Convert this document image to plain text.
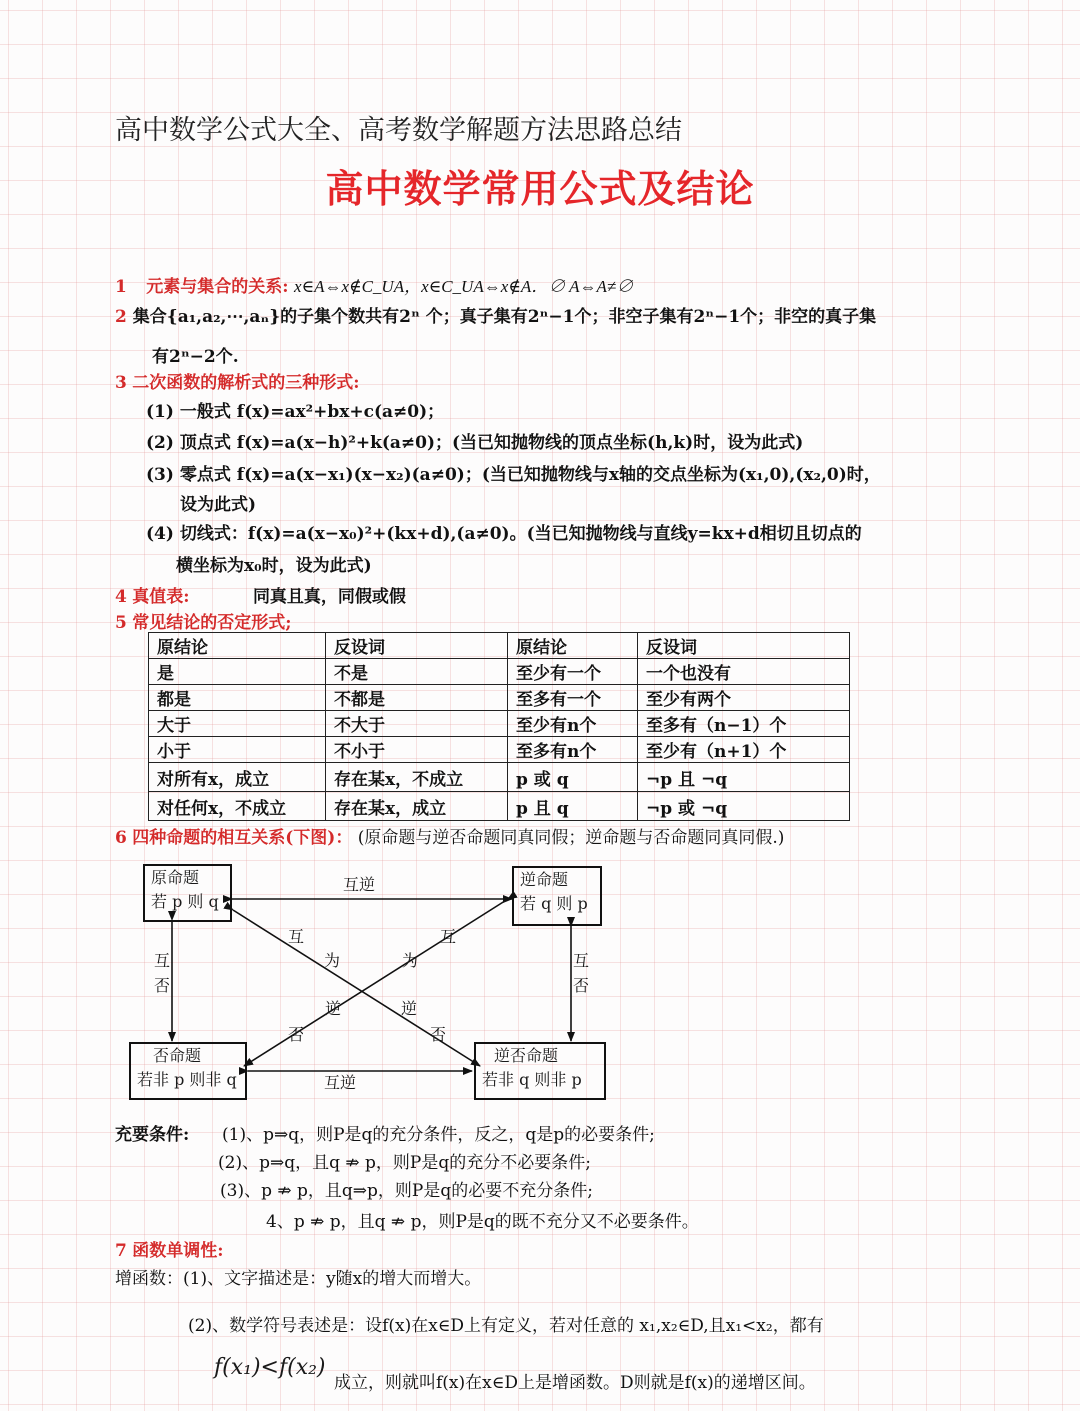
高中数学公式大全、高考数学解题方法思路总结
高中数学常用公式及结论
1 元素与集合的关系: x∈A⇔x∉C_UA，x∈C_UA⇔x∉A．∅ A⇔A≠∅
2 集合{a₁,a₂,⋯,aₙ}的子集个数共有2ⁿ 个；真子集有2ⁿ−1个；非空子集有2ⁿ−1个；非空的真子集
有2ⁿ−2个.
3 二次函数的解析式的三种形式:
(1) 一般式 f(x)=ax²+bx+c(a≠0)；
(2) 顶点式 f(x)=a(x−h)²+k(a≠0)；(当已知抛物线的顶点坐标(h,k)时，设为此式)
(3) 零点式 f(x)=a(x−x₁)(x−x₂)(a≠0)；(当已知抛物线与x轴的交点坐标为(x₁,0),(x₂,0)时，
设为此式)
(4) 切线式：f(x)=a(x−x₀)²+(kx+d),(a≠0)。(当已知抛物线与直线y=kx+d相切且切点的
横坐标为x₀时，设为此式)
4 真值表:	同真且真，同假或假
5 常见结论的否定形式;
原结论	反设词	原结论	反设词
是	不是	至少有一个	一个也没有
都是	不都是	至多有一个	至少有两个
大于	不大于	至少有n个	至多有（n−1）个
小于	不小于	至多有n个	至少有（n+1）个
对所有x，成立	存在某x，不成立	p 或 q	¬p 且 ¬q
对任何x，不成立	存在某x，成立	p 且 q	¬p 或 ¬q
6 四种命题的相互关系(下图)： (原命题与逆否命题同真同假；逆命题与否命题同真同假.)
原命题
若 p 则 q
逆命题
若 q 则 p
否命题
若非 p 则非 q
逆否命题
若非 q 则非 p
互逆
互逆
互
否
互
否
互
为
逆
否
互
为
逆
否
充要条件: (1)、p⇒q，则P是q的充分条件，反之，q是p的必要条件;
(2)、p⇒q，且q ⇏ p，则P是q的充分不必要条件;
(3)、p ⇏ p，且q⇒p，则P是q的必要不充分条件;
4、p ⇏ p，且q ⇏ p，则P是q的既不充分又不必要条件。
7 函数单调性:
增函数：(1)、文字描述是：y随x的增大而增大。
(2)、数学符号表述是：设f(x)在x∈D上有定义，若对任意的 x₁,x₂∈D,且x₁<x₂，都有
f(x₁)<f(x₂)
成立，则就叫f(x)在x∈D上是增函数。D则就是f(x)的递增区间。
